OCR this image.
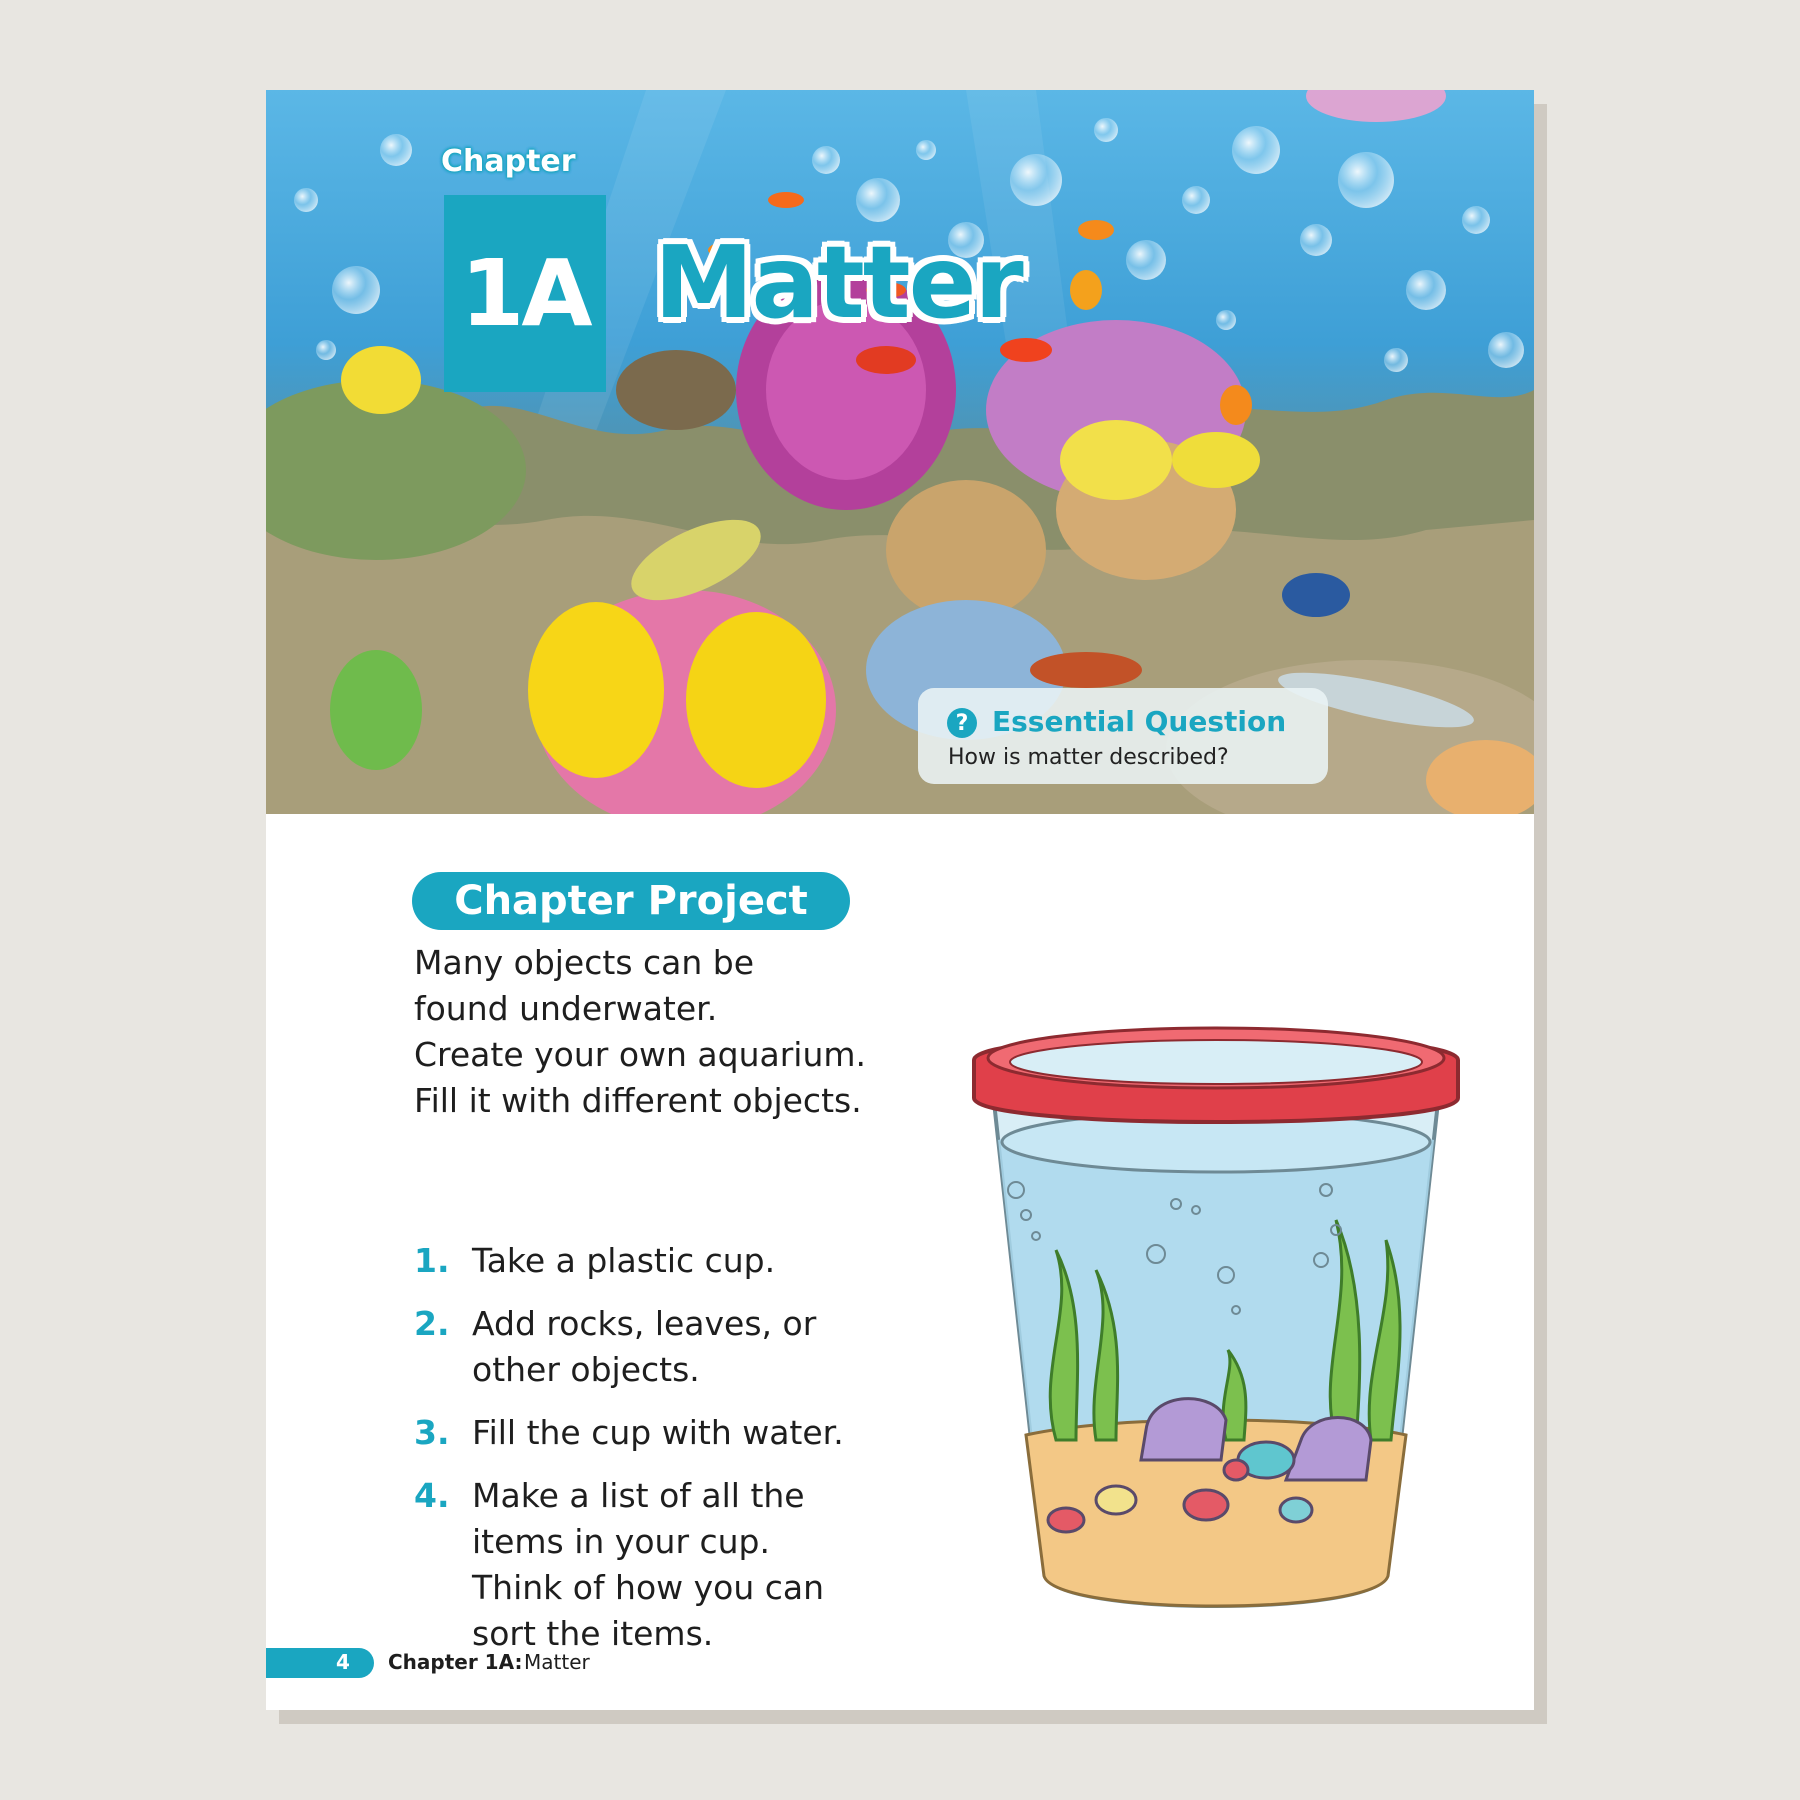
Chapter
1A Matter
? Essential Question
How is matter described?
Chapter Project

Many objects can be
found underwater.
Create your own aquarium.
Fill it with different objects.

1. Take a plastic cup.
2. Add rocks, leaves, or
other objects.
3. Fill the cup with water.
4. Make a list of all the
items in your cup.
Think of how you can
sort the items.
4 Chapter 1A: Matter
